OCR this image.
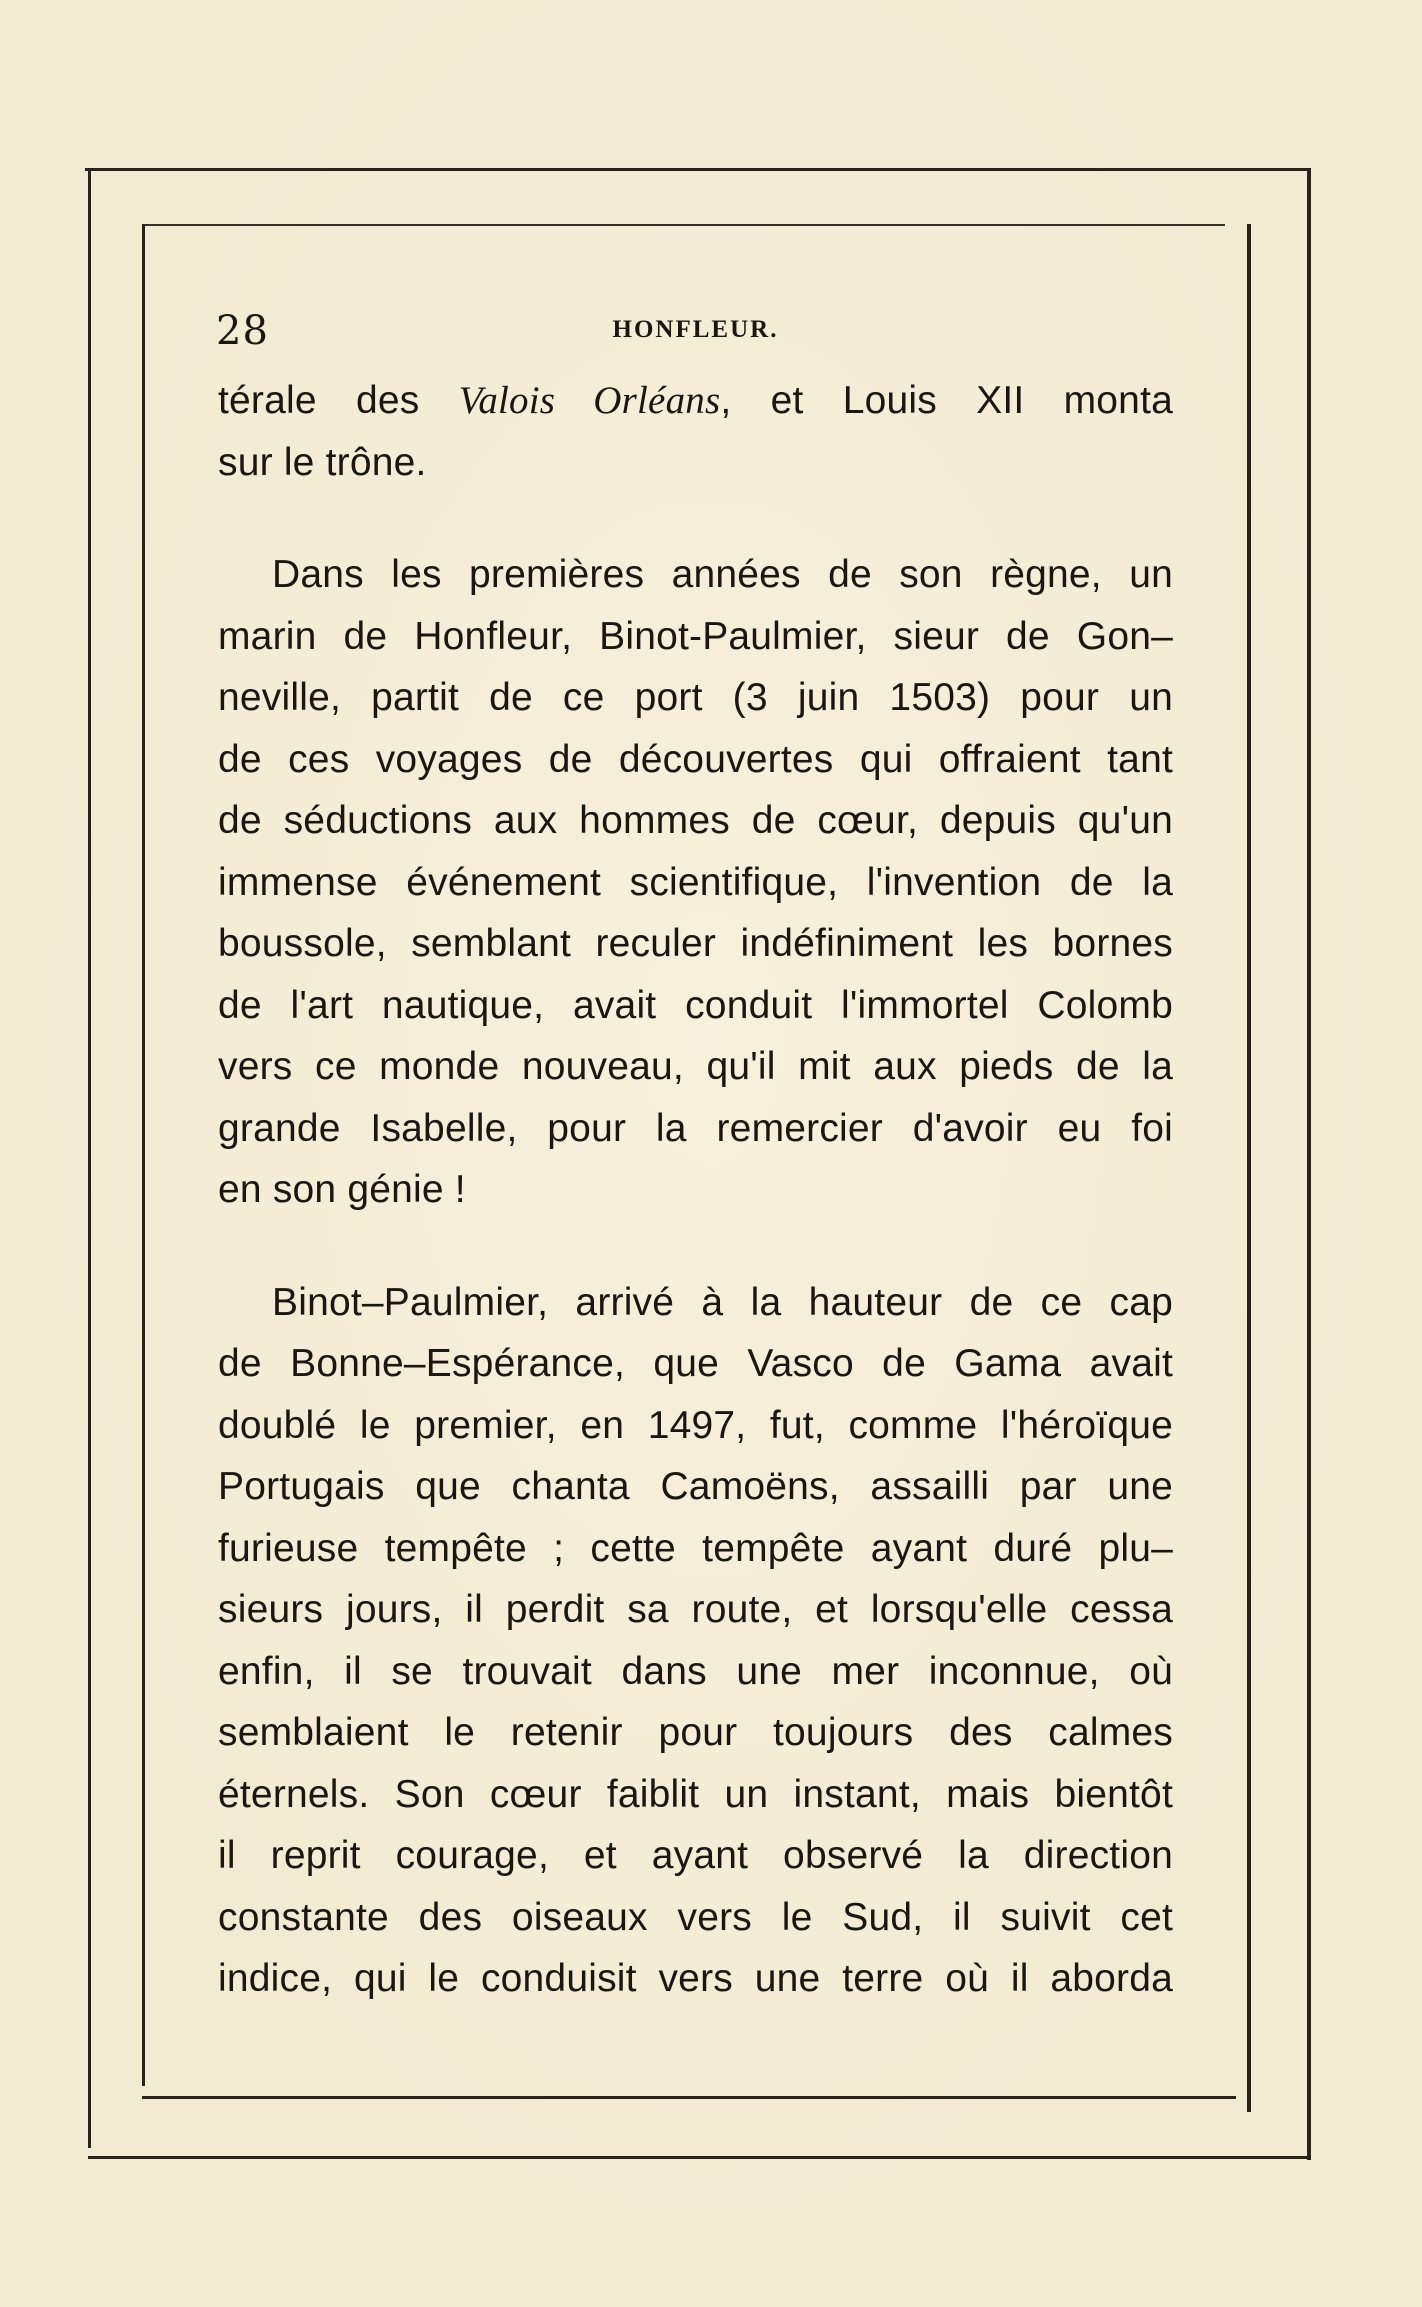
28	HONFLEUR.

térale des Valois Orléans, et Louis XII monta
sur le trône.

Dans les premières années de son règne, un
marin de Honfleur, Binot-Paulmier, sieur de Gon–
neville, partit de ce port (3 juin 1503) pour un
de ces voyages de découvertes qui offraient tant
de séductions aux hommes de cœur, depuis qu'un
immense événement scientifique, l'invention de la
boussole, semblant reculer indéfiniment les bornes
de l'art nautique, avait conduit l'immortel Colomb
vers ce monde nouveau, qu'il mit aux pieds de la
grande Isabelle, pour la remercier d'avoir eu foi
en son génie !

Binot–Paulmier, arrivé à la hauteur de ce cap
de Bonne–Espérance, que Vasco de Gama avait
doublé le premier, en 1497, fut, comme l'héroïque
Portugais que chanta Camoëns, assailli par une
furieuse tempête ; cette tempête ayant duré plu–
sieurs jours, il perdit sa route, et lorsqu'elle cessa
enfin, il se trouvait dans une mer inconnue, où
semblaient le retenir pour toujours des calmes
éternels. Son cœur faiblit un instant, mais bientôt
il reprit courage, et ayant observé la direction
constante des oiseaux vers le Sud, il suivit cet
indice, qui le conduisit vers une terre où il aborda
